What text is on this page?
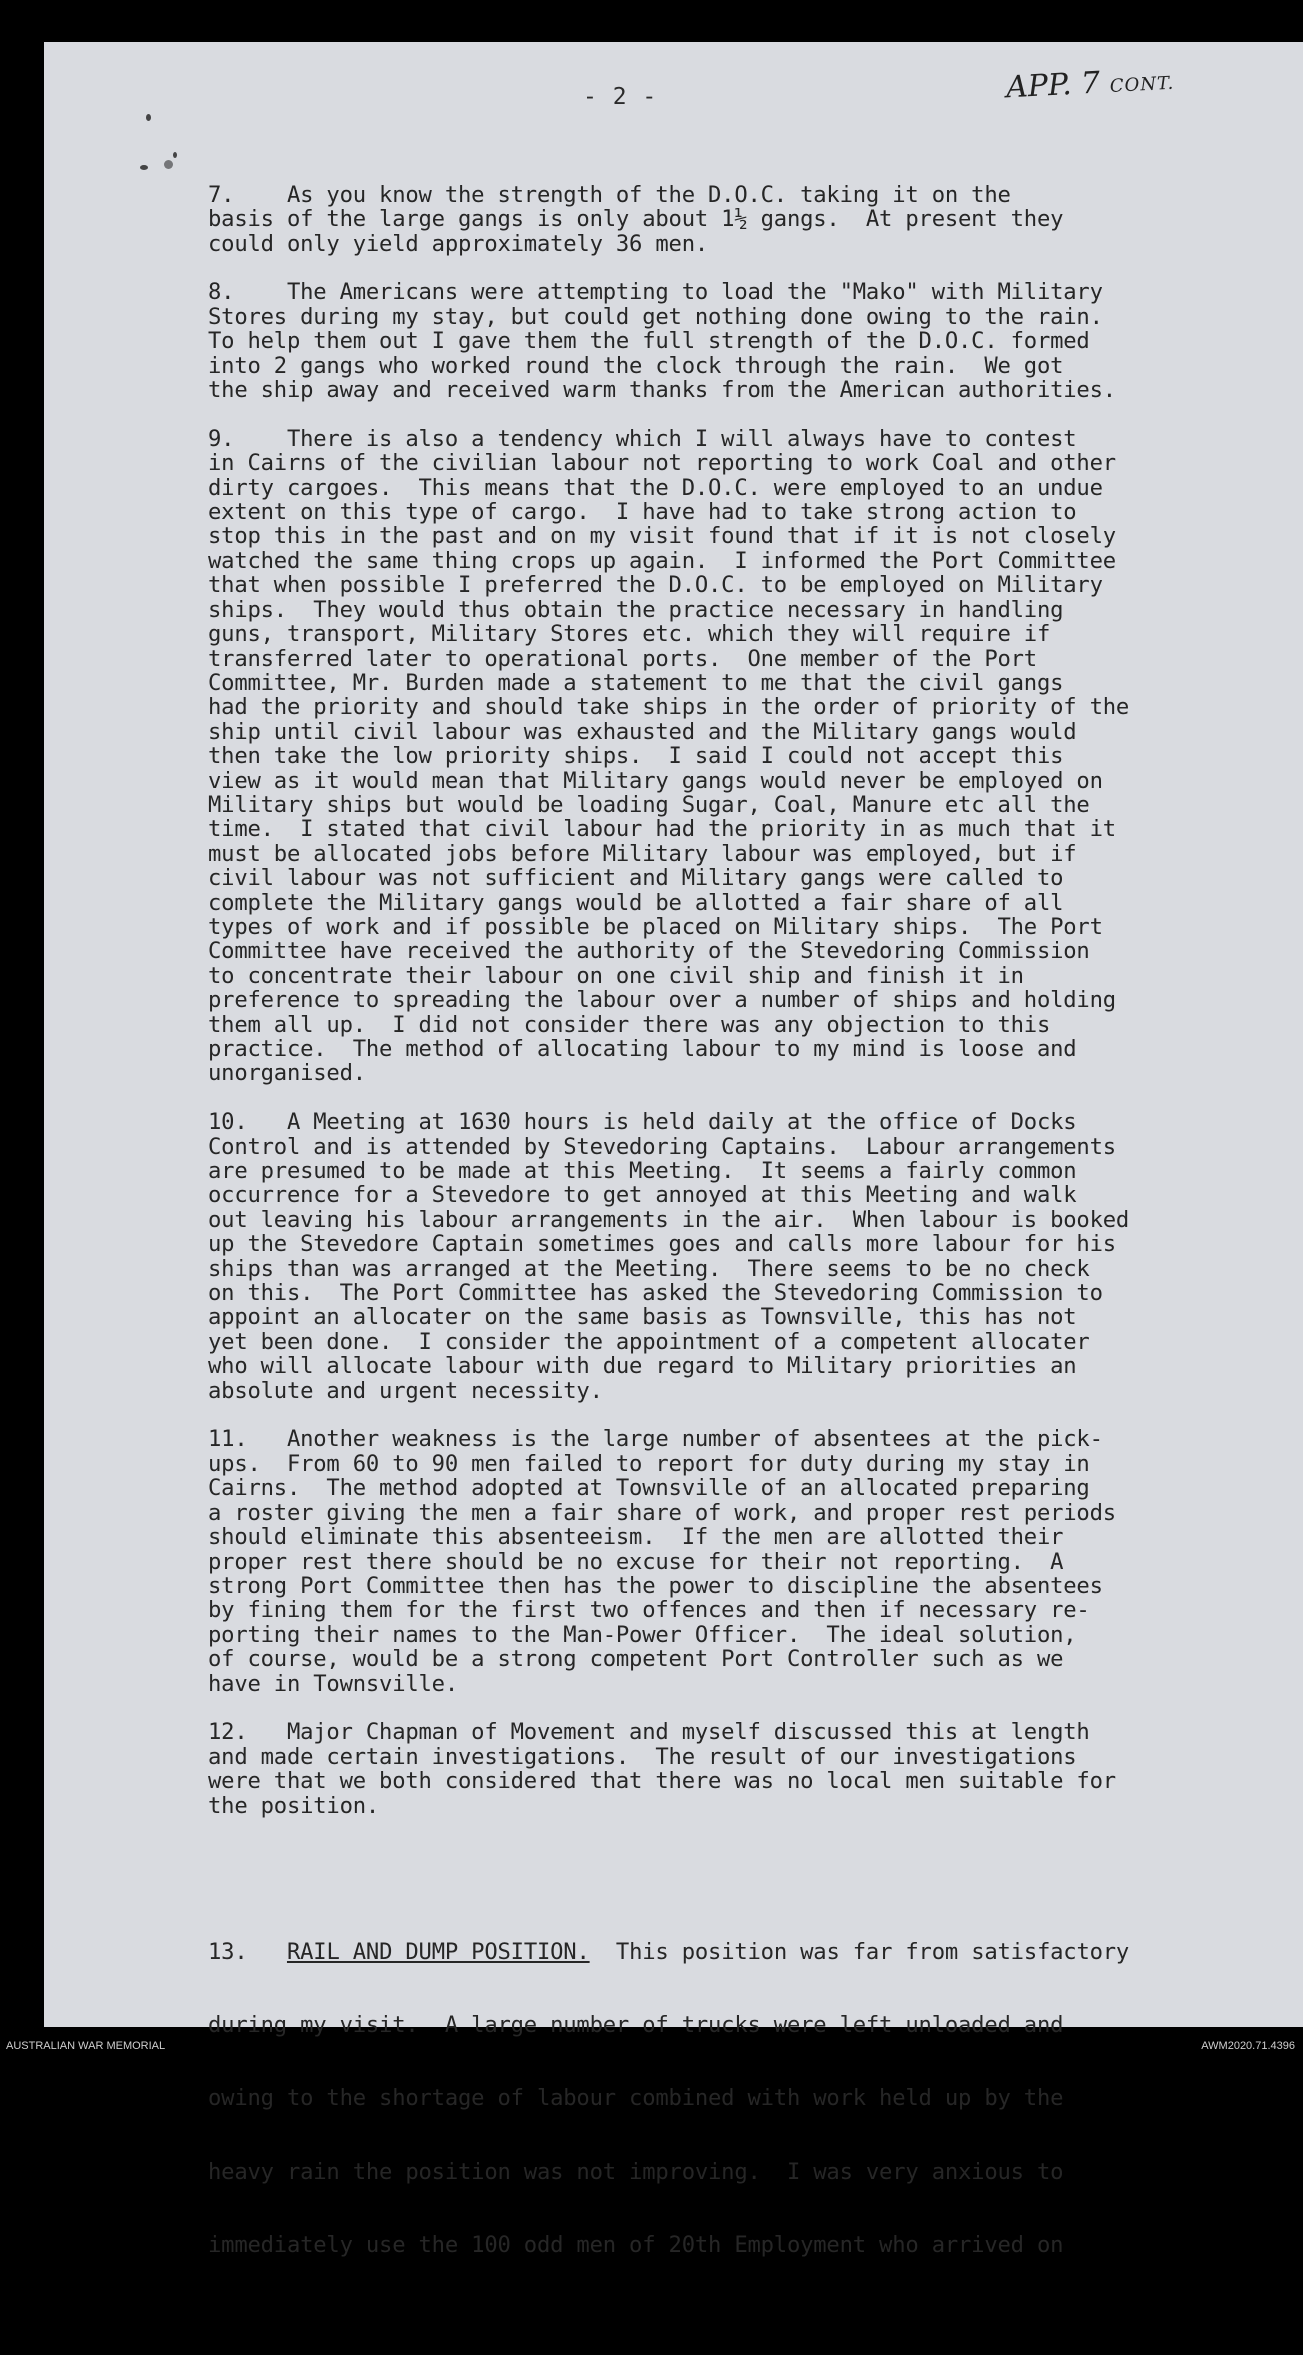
- 2 -	APP. 7 CONT.

7.    As you know the strength of the D.O.C. taking it on the
basis of the large gangs is only about 1½ gangs.  At present they
could only yield approximately 36 men.
8.    The Americans were attempting to load the "Mako" with Military
Stores during my stay, but could get nothing done owing to the rain.
To help them out I gave them the full strength of the D.O.C. formed
into 2 gangs who worked round the clock through the rain.  We got
the ship away and received warm thanks from the American authorities.
9.    There is also a tendency which I will always have to contest
in Cairns of the civilian labour not reporting to work Coal and other
dirty cargoes.  This means that the D.O.C. were employed to an undue
extent on this type of cargo.  I have had to take strong action to
stop this in the past and on my visit found that if it is not closely
watched the same thing crops up again.  I informed the Port Committee
that when possible I preferred the D.O.C. to be employed on Military
ships.  They would thus obtain the practice necessary in handling
guns, transport, Military Stores etc. which they will require if
transferred later to operational ports.  One member of the Port
Committee, Mr. Burden made a statement to me that the civil gangs
had the priority and should take ships in the order of priority of the
ship until civil labour was exhausted and the Military gangs would
then take the low priority ships.  I said I could not accept this
view as it would mean that Military gangs would never be employed on
Military ships but would be loading Sugar, Coal, Manure etc all the
time.  I stated that civil labour had the priority in as much that it
must be allocated jobs before Military labour was employed, but if
civil labour was not sufficient and Military gangs were called to
complete the Military gangs would be allotted a fair share of all
types of work and if possible be placed on Military ships.  The Port
Committee have received the authority of the Stevedoring Commission
to concentrate their labour on one civil ship and finish it in
preference to spreading the labour over a number of ships and holding
them all up.  I did not consider there was any objection to this
practice.  The method of allocating labour to my mind is loose and
unorganised.
10.   A Meeting at 1630 hours is held daily at the office of Docks
Control and is attended by Stevedoring Captains.  Labour arrangements
are presumed to be made at this Meeting.  It seems a fairly common
occurrence for a Stevedore to get annoyed at this Meeting and walk
out leaving his labour arrangements in the air.  When labour is booked
up the Stevedore Captain sometimes goes and calls more labour for his
ships than was arranged at the Meeting.  There seems to be no check
on this.  The Port Committee has asked the Stevedoring Commission to
appoint an allocater on the same basis as Townsville, this has not
yet been done.  I consider the appointment of a competent allocater
who will allocate labour with due regard to Military priorities an
absolute and urgent necessity.
11.   Another weakness is the large number of absentees at the pick-
ups.  From 60 to 90 men failed to report for duty during my stay in
Cairns.  The method adopted at Townsville of an allocated preparing
a roster giving the men a fair share of work, and proper rest periods
should eliminate this absenteeism.  If the men are allotted their
proper rest there should be no excuse for their not reporting.  A
strong Port Committee then has the power to discipline the absentees
by fining them for the first two offences and then if necessary re-
porting their names to the Man-Power Officer.  The ideal solution,
of course, would be a strong competent Port Controller such as we
have in Townsville.
12.   Major Chapman of Movement and myself discussed this at length
and made certain investigations.  The result of our investigations
were that we both considered that there was no local men suitable for
the position.

13. RAIL AND DUMP POSITION.  This position was far from satisfactory

during my visit.  A large number of trucks were left unloaded and

owing to the shortage of labour combined with work held up by the

heavy rain the position was not improving.  I was very anxious to

immediately use the 100 odd men of 20th Employment who arrived on

AUSTRALIAN WAR MEMORIAL	AWM2020.71.4396
